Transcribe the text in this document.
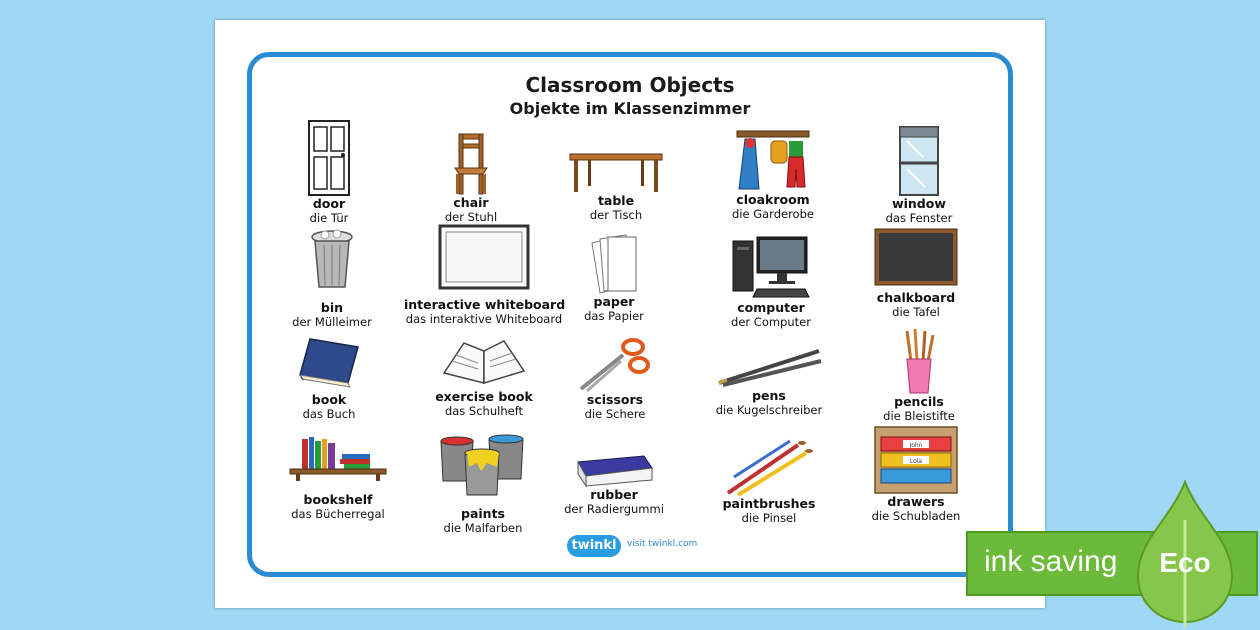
Classroom Objects
Objekte im Klassenzimmer
door
die Tür
chair
der Stuhl
table
der Tisch
cloakroom
die Garderobe
window
das Fenster
bin
der Mülleimer
interactive whiteboard
das interaktive Whiteboard
paper
das Papier
computer
der Computer
chalkboard
die Tafel
book
das Buch
exercise book
das Schulheft
scissors
die Schere
pens
die Kugelschreiber
pencils
die Bleistifte
bookshelf
das Bücherregal	paints
die Malfarben
rubber
der Radiergummi	paintbrushes
die Pinsel
John
Lola
drawers
die Schubladen
twinkl	visit twinkl.com
ink saving Eco
